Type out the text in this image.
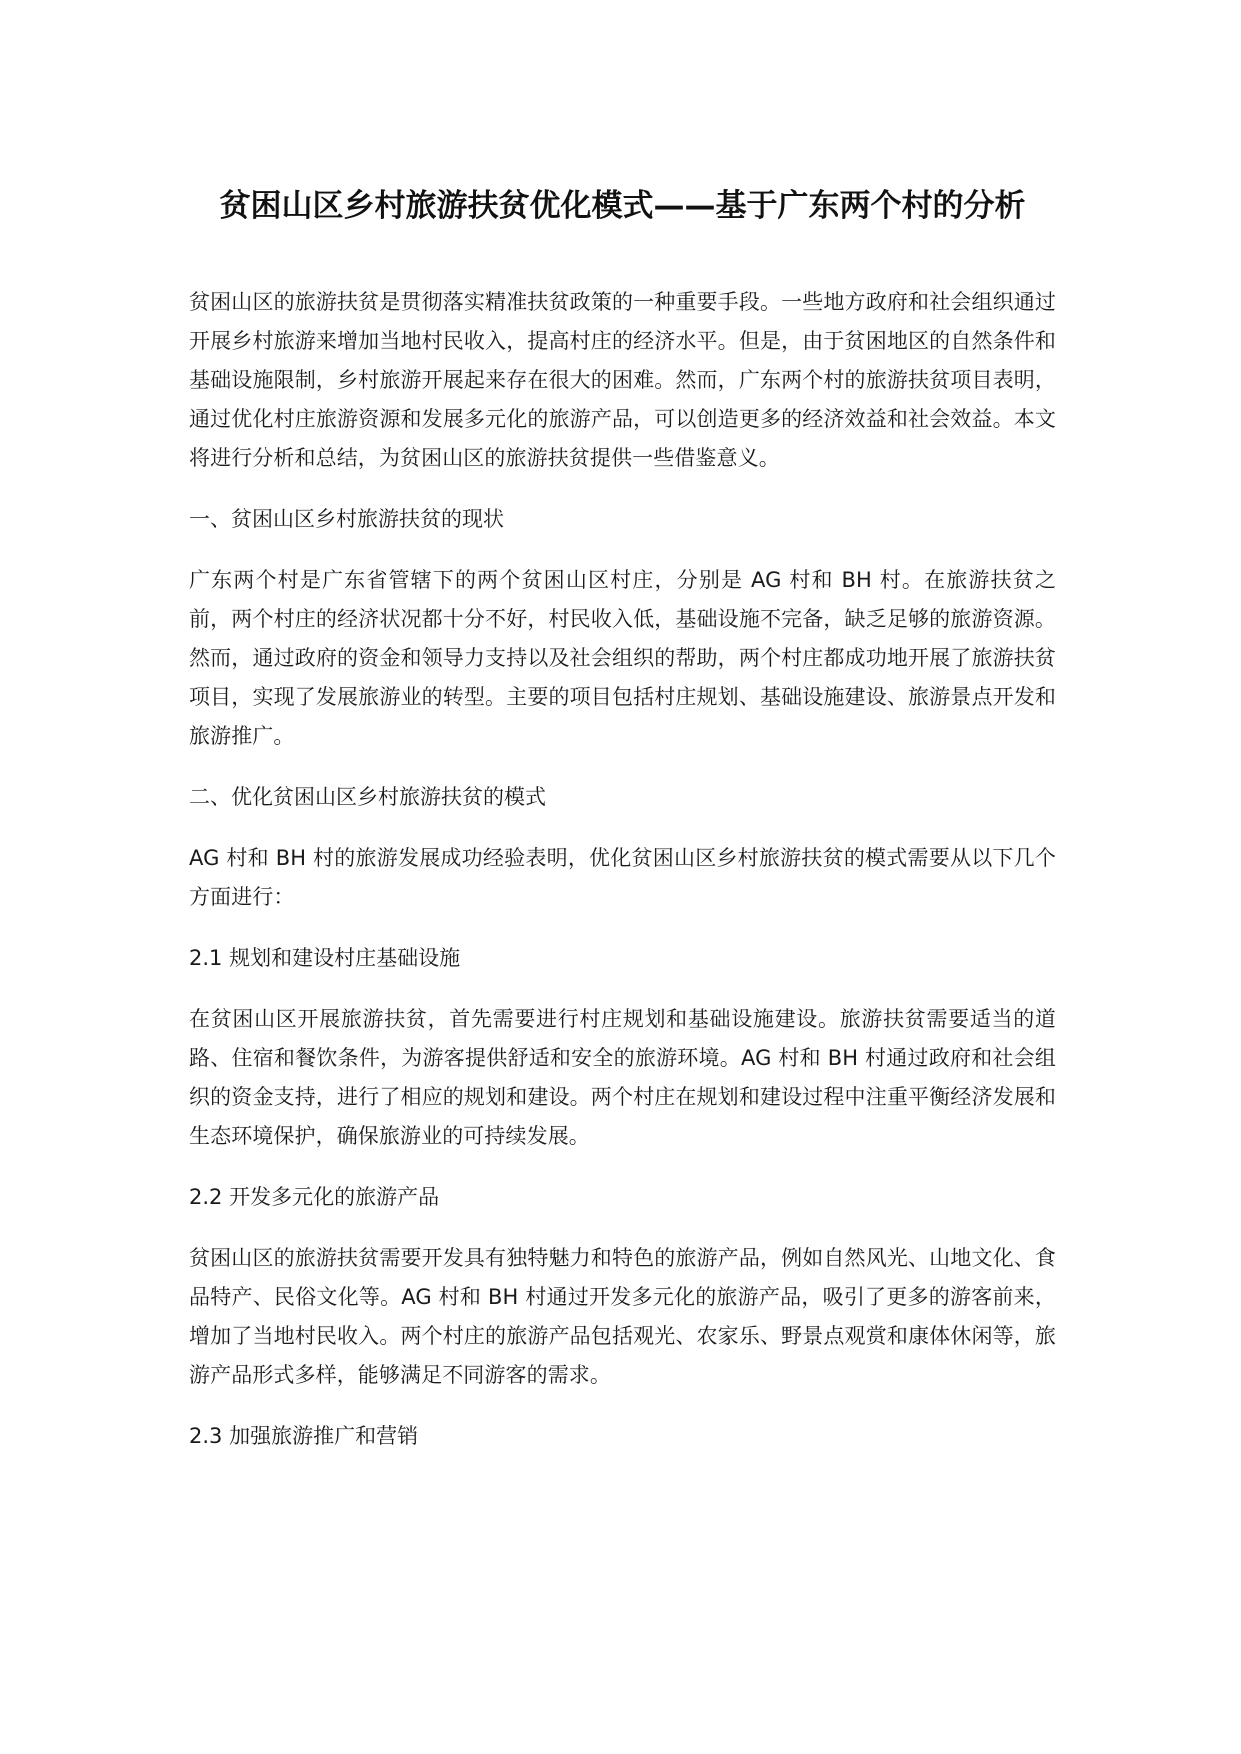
贫困山区乡村旅游扶贫优化模式——基于广东两个村的分析

贫困山区的旅游扶贫是贯彻落实精准扶贫政策的一种重要手段。一些地方政府和社会组织通过开展乡村旅游来增加当地村民收入，提高村庄的经济水平。但是，由于贫困地区的自然条件和基础设施限制，乡村旅游开展起来存在很大的困难。然而，广东两个村的旅游扶贫项目表明，通过优化村庄旅游资源和发展多元化的旅游产品，可以创造更多的经济效益和社会效益。本文将进行分析和总结，为贫困山区的旅游扶贫提供一些借鉴意义。

一、贫困山区乡村旅游扶贫的现状

广东两个村是广东省管辖下的两个贫困山区村庄，分别是 AG 村和 BH 村。在旅游扶贫之前，两个村庄的经济状况都十分不好，村民收入低，基础设施不完备，缺乏足够的旅游资源。然而，通过政府的资金和领导力支持以及社会组织的帮助，两个村庄都成功地开展了旅游扶贫项目，实现了发展旅游业的转型。主要的项目包括村庄规划、基础设施建设、旅游景点开发和旅游推广。

二、优化贫困山区乡村旅游扶贫的模式

AG 村和 BH 村的旅游发展成功经验表明，优化贫困山区乡村旅游扶贫的模式需要从以下几个方面进行：

2.1 规划和建设村庄基础设施

在贫困山区开展旅游扶贫，首先需要进行村庄规划和基础设施建设。旅游扶贫需要适当的道路、住宿和餐饮条件，为游客提供舒适和安全的旅游环境。AG 村和 BH 村通过政府和社会组织的资金支持，进行了相应的规划和建设。两个村庄在规划和建设过程中注重平衡经济发展和生态环境保护，确保旅游业的可持续发展。

2.2 开发多元化的旅游产品

贫困山区的旅游扶贫需要开发具有独特魅力和特色的旅游产品，例如自然风光、山地文化、食品特产、民俗文化等。AG 村和 BH 村通过开发多元化的旅游产品，吸引了更多的游客前来，增加了当地村民收入。两个村庄的旅游产品包括观光、农家乐、野景点观赏和康体休闲等，旅游产品形式多样，能够满足不同游客的需求。

2.3 加强旅游推广和营销
